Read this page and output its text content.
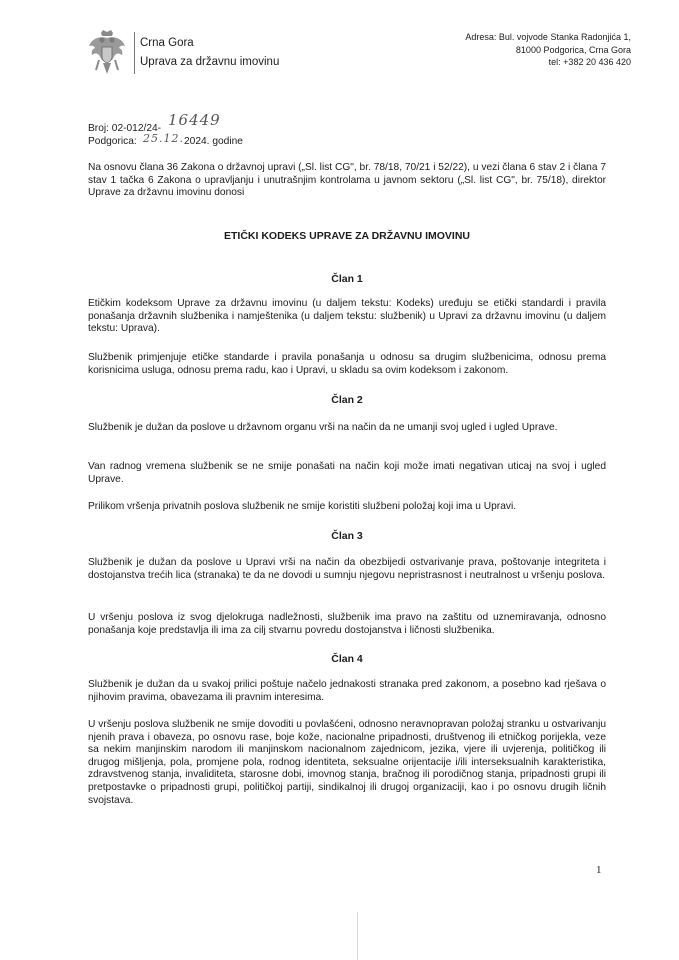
Crna Gora
Uprava za državnu imovinu
Adresa: Bul. vojvode Stanka Radonjića 1,
81000 Podgorica, Crna Gora
tel: +382 20 436 420
Broj: 02-012/24- 16449
Podgorica: 25.12. 2024. godine
Na osnovu člana 36 Zakona o državnoj upravi („Sl. list CG", br. 78/18, 70/21 i 52/22), u vezi člana 6 stav 2 i člana 7 stav 1 tačka 6 Zakona o upravljanju i unutrašnjim kontrolama u javnom sektoru („Sl. list CG", br. 75/18), direktor Uprave za državnu imovinu donosi
ETIČKI KODEKS UPRAVE ZA DRŽAVNU IMOVINU
Član 1
Etičkim kodeksom Uprave za državnu imovinu (u daljem tekstu: Kodeks) uređuju se etički standardi i pravila ponašanja državnih službenika i namještenika (u daljem tekstu: službenik) u Upravi za državnu imovinu (u daljem tekstu: Uprava).
Službenik primjenjuje etičke standarde i pravila ponašanja u odnosu sa drugim službenicima, odnosu prema korisnicima usluga, odnosu prema radu, kao i Upravi, u skladu sa ovim kodeksom i zakonom.
Član 2
Službenik je dužan da poslove u državnom organu vrši na način da ne umanji svoj ugled i ugled Uprave.
Van radnog vremena službenik se ne smije ponašati na način koji može imati negativan uticaj na svoj i ugled Uprave.
Prilikom vršenja privatnih poslova službenik ne smije koristiti službeni položaj koji ima u Upravi.
Član 3
Službenik je dužan da poslove u Upravi vrši na način da obezbijedi ostvarivanje prava, poštovanje integriteta i dostojanstva trećih lica (stranaka) te da ne dovodi u sumnju njegovu nepristrasnost i neutralnost u vršenju poslova.
U vršenju poslova iz svog djelokruga nadležnosti, službenik ima pravo na zaštitu od uznemiravanja, odnosno ponašanja koje predstavlja ili ima za cilj stvarnu povredu dostojanstva i ličnosti službenika.
Član 4
Službenik je dužan da u svakoj prilici poštuje načelo jednakosti stranaka pred zakonom, a posebno kad rješava o njihovim pravima, obavezama ili pravnim interesima.
U vršenju poslova službenik ne smije dovoditi u povlašćeni, odnosno neravnopravan položaj stranku u ostvarivanju njenih prava i obaveza, po osnovu rase, boje kože, nacionalne pripadnosti, društvenog ili etničkog porijekla, veze sa nekim manjinskim narodom ili manjinskom nacionalnom zajednicom, jezika, vjere ili uvjerenja, političkog ili drugog mišljenja, pola, promjene pola, rodnog identiteta, seksualne orijentacije i/ili interseksualnih karakteristika, zdravstvenog stanja, invaliditeta, starosne dobi, imovnog stanja, bračnog ili porodičnog stanja, pripadnosti grupi ili pretpostavke o pripadnosti grupi, političkoj partiji, sindikalnoj ili drugoj organizaciji, kao i po osnovu drugih ličnih svojstava.
1
